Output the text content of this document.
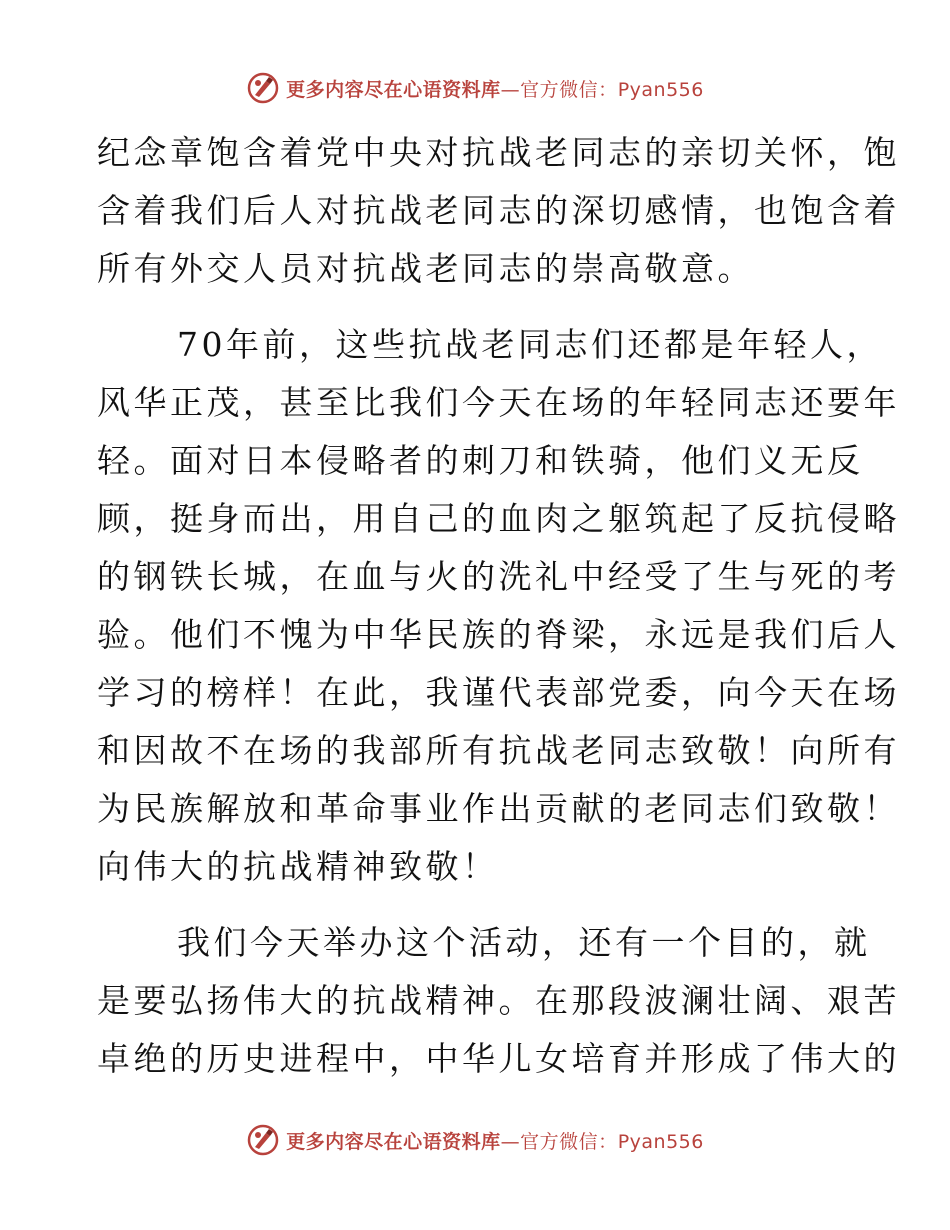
更多内容尽在心语资料库—官方微信：Pyan556
纪念章饱含着党中央对抗战老同志的亲切关怀，饱
含着我们后人对抗战老同志的深切感情，也饱含着
所有外交人员对抗战老同志的崇高敬意。
70年前，这些抗战老同志们还都是年轻人，
风华正茂，甚至比我们今天在场的年轻同志还要年
轻。面对日本侵略者的刺刀和铁骑，他们义无反
顾，挺身而出，用自己的血肉之躯筑起了反抗侵略
的钢铁长城，在血与火的洗礼中经受了生与死的考
验。他们不愧为中华民族的脊梁，永远是我们后人
学习的榜样！在此，我谨代表部党委，向今天在场
和因故不在场的我部所有抗战老同志致敬！向所有
为民族解放和革命事业作出贡献的老同志们致敬！
向伟大的抗战精神致敬！
我们今天举办这个活动，还有一个目的，就
是要弘扬伟大的抗战精神。在那段波澜壮阔、艰苦
卓绝的历史进程中，中华儿女培育并形成了伟大的
更多内容尽在心语资料库—官方微信：Pyan556
